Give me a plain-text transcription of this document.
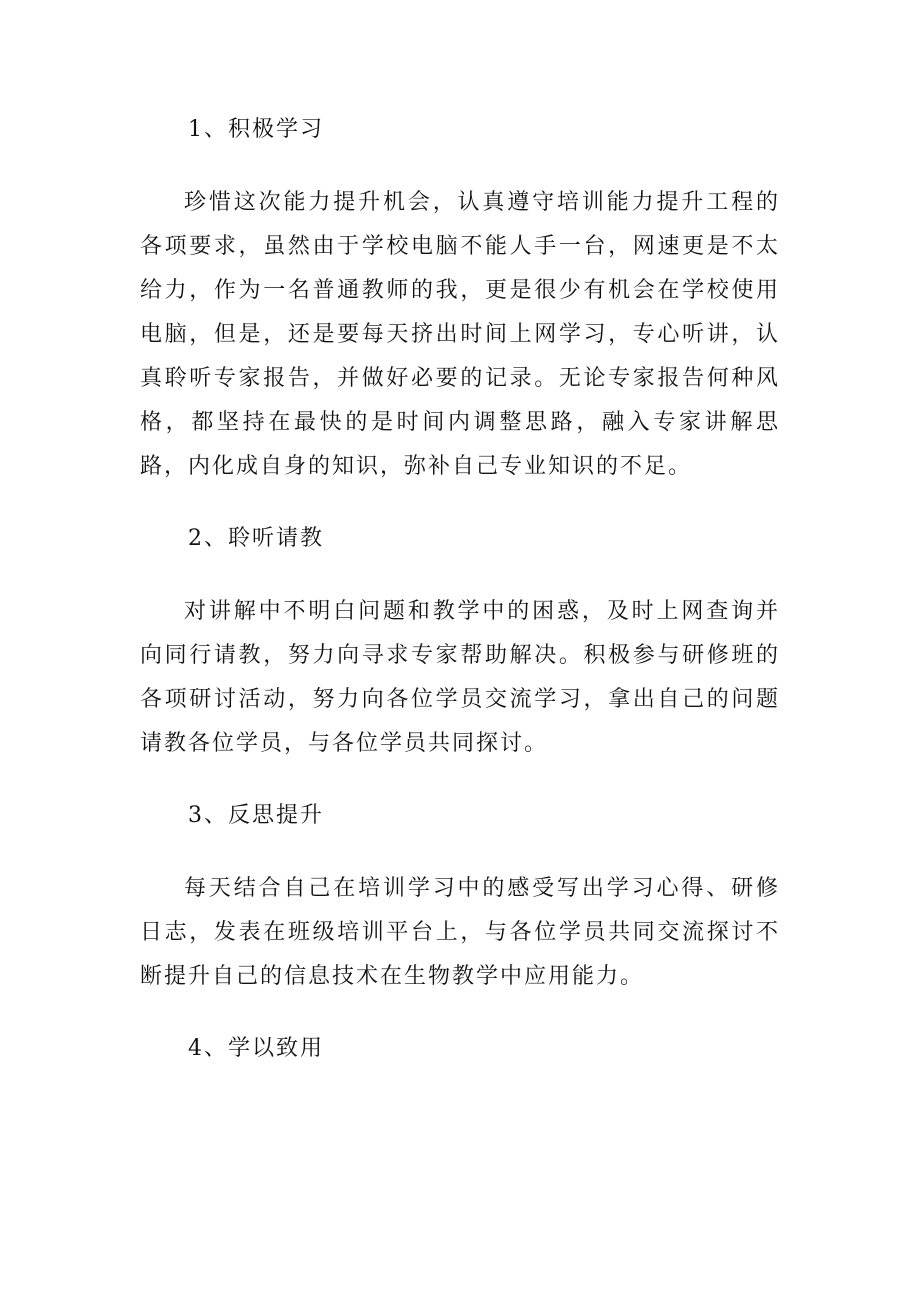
1、积极学习

珍惜这次能力提升机会，认真遵守培训能力提升工程的各项要求，虽然由于学校电脑不能人手一台，网速更是不太给力，作为一名普通教师的我，更是很少有机会在学校使用电脑，但是，还是要每天挤出时间上网学习，专心听讲，认真聆听专家报告，并做好必要的记录。无论专家报告何种风格，都坚持在最快的是时间内调整思路，融入专家讲解思路，内化成自身的知识，弥补自己专业知识的不足。

2、聆听请教

对讲解中不明白问题和教学中的困惑，及时上网查询并向同行请教，努力向寻求专家帮助解决。积极参与研修班的各项研讨活动，努力向各位学员交流学习，拿出自己的问题请教各位学员，与各位学员共同探讨。

3、反思提升

每天结合自己在培训学习中的感受写出学习心得、研修日志，发表在班级培训平台上，与各位学员共同交流探讨不断提升自己的信息技术在生物教学中应用能力。

4、学以致用
